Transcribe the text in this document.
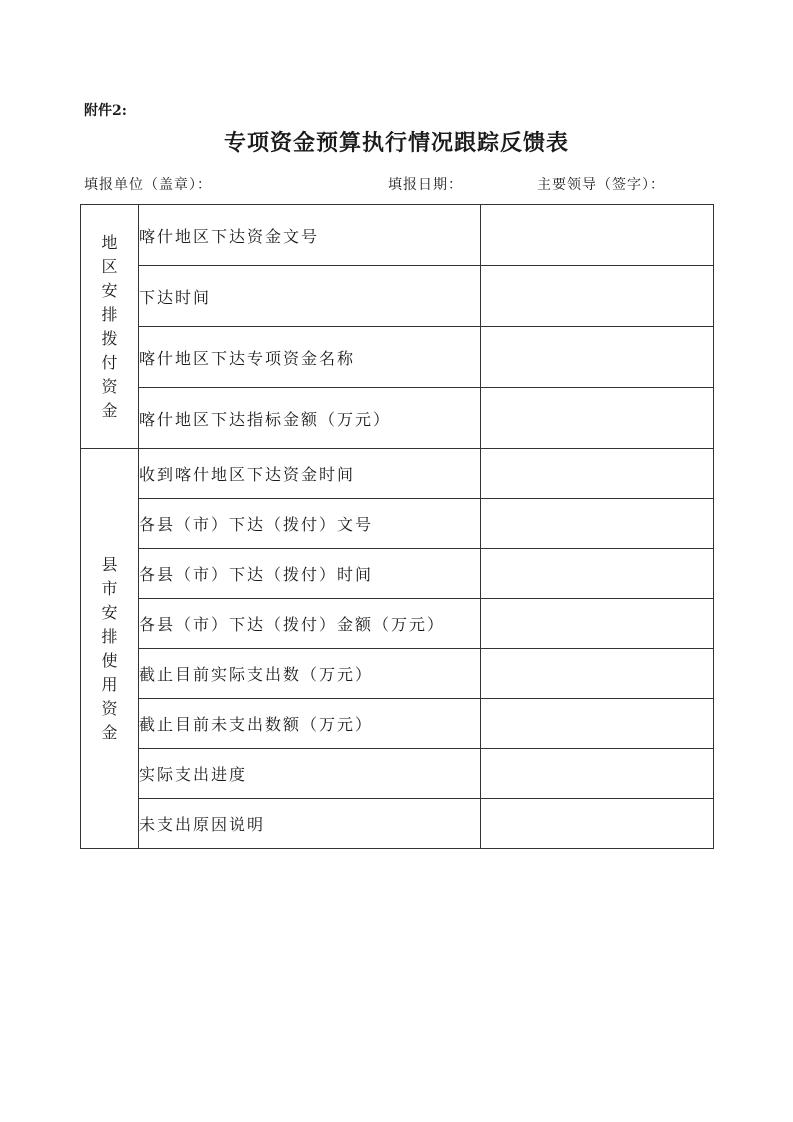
附件2:
专项资金预算执行情况跟踪反馈表
填报单位（盖章）：	填报日期：	主要领导（签字）：
地区安排拨付资金	喀什地区下达资金文号	
	下达时间	
	喀什地区下达专项资金名称	
	喀什地区下达指标金额（万元）	
县市安排使用资金	收到喀什地区下达资金时间	
	各县（市）下达（拨付）文号	
	各县（市）下达（拨付）时间	
	各县（市）下达（拨付）金额（万元）	
	截止目前实际支出数（万元）	
	截止目前未支出数额（万元）	
	实际支出进度	
	未支出原因说明	
